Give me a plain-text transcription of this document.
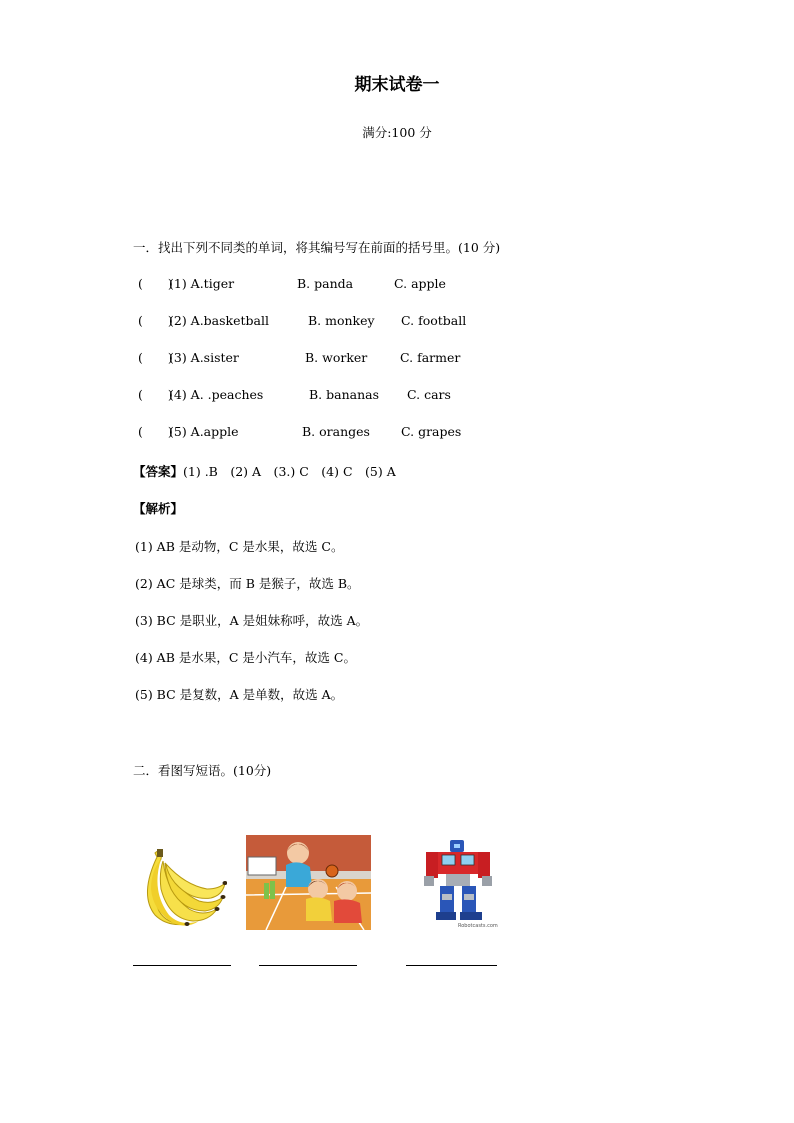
期末试卷一
满分:100 分
一．找出下列不同类的单词，将其编号写在前面的括号里。(10 分)
(  )
(1) A.tiger	B. panda	C. apple
(  )
(2) A.basketball	B. monkey C. football
(  )
(3) A.sister	B. worker	C. farmer
(  )
(4) A. .peaches	B. bananas C. cars
(  )
(5) A.apple	B. oranges C. grapes
【答案】(1) .B　(2) A　(3.) C　(4) C　(5) A
【解析】
(1) AB 是动物，C 是水果，故选 C。
(2) AC 是球类，而 B 是猴子，故选 B。
(3) BC 是职业，A 是姐妹称呼，故选 A。
(4) AB 是水果，C 是小汽车，故选 C。
(5) BC 是复数，A 是单数，故选 A。
二．看图写短语。(10分)
Robotcasts.com
